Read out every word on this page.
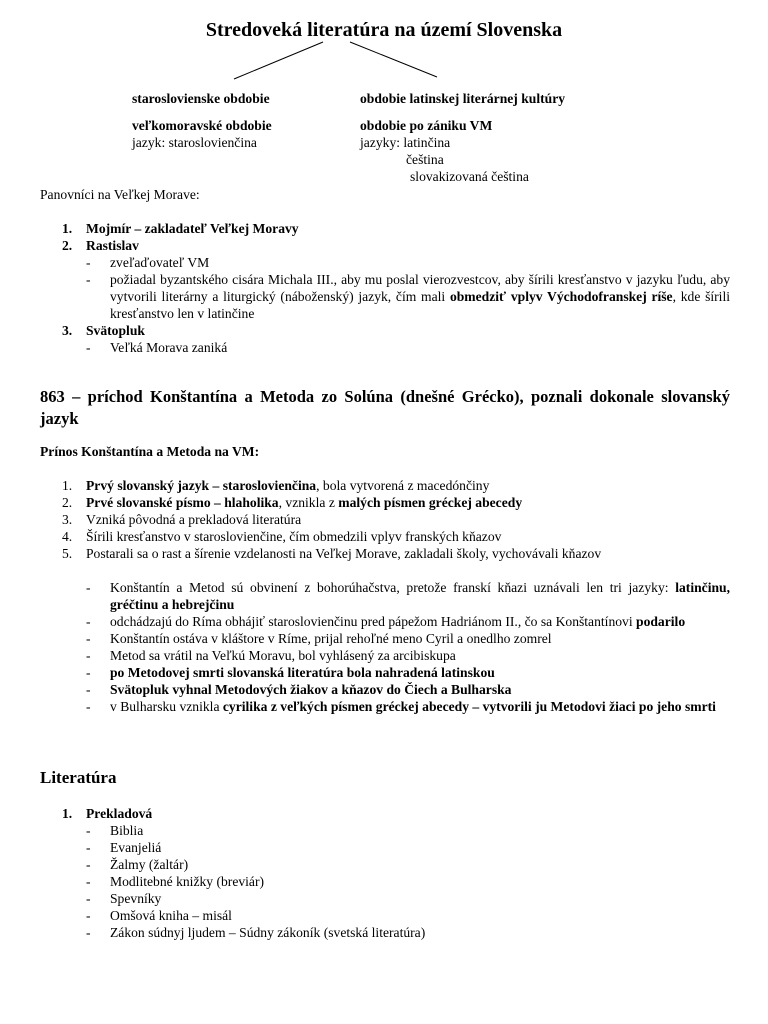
Stredoveká literatúra na území Slovenska
staroslovienske obdobie
veľkomoravské obdobie
jazyk: staroslovienčina
obdobie latinskej literárnej kultúry
obdobie po zániku VM
jazyky: latinčina
čeština
slovakizovaná čeština
Panovníci na Veľkej Morave:
1. Mojmír – zakladateľ Veľkej Moravy
2. Rastislav
- zveľaďovateľ VM
- požiadal byzantského cisára Michala III., aby mu poslal vierozvestcov, aby šírili kresťanstvo v jazyku ľudu, aby vytvorili literárny a liturgický (náboženský) jazyk, čím mali obmedziť vplyv Východofranskej ríše, kde šírili kresťanstvo len v latinčine
3. Svätopluk
- Veľká Morava zaniká
863 – príchod Konštantína a Metoda zo Solúna (dnešné Grécko), poznali dokonale slovanský jazyk
Prínos Konštantína a Metoda na VM:
1. Prvý slovanský jazyk – staroslovienčina, bola vytvorená z macedónčiny
2. Prvé slovanské písmo – hlaholika, vznikla z malých písmen gréckej abecedy
3. Vzniká pôvodná a prekladová literatúra
4. Šírili kresťanstvo v staroslovienčine, čím obmedzili vplyv franských kňazov
5. Postarali sa o rast a šírenie vzdelanosti na Veľkej Morave, zakladali školy, vychovávali kňazov
- Konštantín a Metod sú obvinení z bohorúhačstva, pretože franskí kňazi uznávali len tri jazyky: latinčinu, gréčtinu a hebrejčinu
- odchádzajú do Ríma obhájiť staroslovienčinu pred pápežom Hadriánom II., čo sa Konštantínovi podarilo
- Konštantín ostáva v kláštore v Ríme, prijal rehoľné meno Cyril a onedlho zomrel
- Metod sa vrátil na Veľkú Moravu, bol vyhlásený za arcibiskupa
- po Metodovej smrti slovanská literatúra bola nahradená latinskou
- Svätopluk vyhnal Metodových žiakov a kňazov do Čiech a Bulharska
- v Bulharsku vznikla cyrilika z veľkých písmen gréckej abecedy – vytvorili ju Metodovi žiaci po jeho smrti
Literatúra
1. Prekladová
- Biblia
- Evanjeliá
- Žalmy (žaltár)
- Modlitebné knižky (breviár)
- Spevníky
- Omšová kniha – misál
- Zákon súdnyj ljudem – Súdny zákoník (svetská literatúra)
